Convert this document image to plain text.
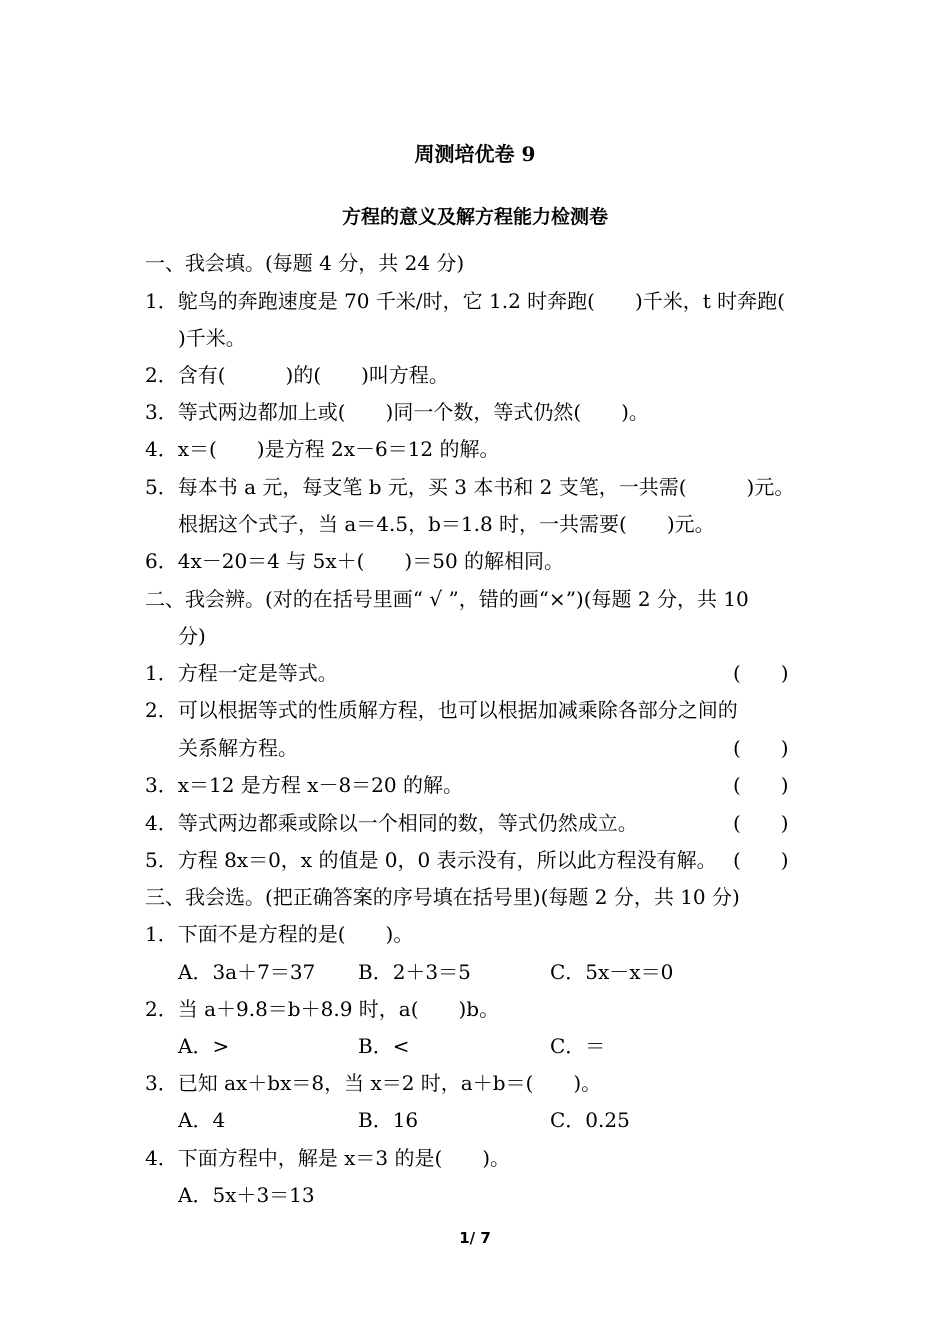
周测培优卷 9
方程的意义及解方程能力检测卷
一、我会填。(每题 4 分，共 24 分)
1．鸵鸟的奔跑速度是 70 千米/时，它 1.2 时奔跑(　　)千米，t 时奔跑(
)千米。
2．含有(　　　)的(　　)叫方程。
3．等式两边都加上或(　　)同一个数，等式仍然(　　)。
4．x＝(　　)是方程 2x－6＝12 的解。
5．每本书 a 元，每支笔 b 元，买 3 本书和 2 支笔，一共需(　　　)元。
根据这个式子，当 a＝4.5，b＝1.8 时，一共需要(　　)元。
6．4x－20＝4 与 5x＋(　　)＝50 的解相同。
二、我会辨。(对的在括号里画“ √ ”，错的画“×”)(每题 2 分，共 10
分)
1．方程一定是等式。	(　　)
2．可以根据等式的性质解方程，也可以根据加减乘除各部分之间的
关系解方程。	(　　)
3．x＝12 是方程 x－8＝20 的解。	(　　)
4．等式两边都乘或除以一个相同的数，等式仍然成立。	(　　)
5．方程 8x＝0，x 的值是 0，0 表示没有，所以此方程没有解。 (　　)
三、我会选。(把正确答案的序号填在括号里)(每题 2 分，共 10 分)
1．下面不是方程的是(　　)。
A．3a＋7＝37 B．2＋3＝5	C．5x－x＝0
2．当 a＋9.8＝b＋8.9 时，a(　　)b。
A．>	B．<	C．＝
3．已知 ax＋bx＝8，当 x＝2 时，a＋b＝(　　)。
A．4	B．16	C．0.25
4．下面方程中，解是 x＝3 的是(　　)。
A．5x＋3＝13
1/ 7
